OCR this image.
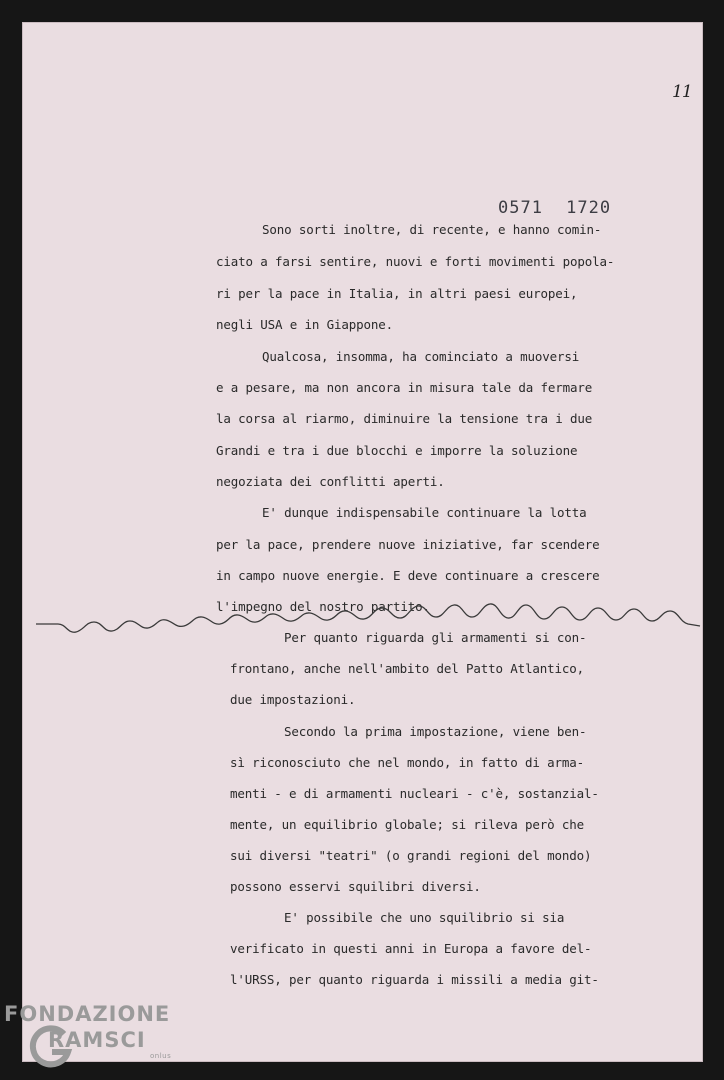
11
0571 1720
Sono sorti inoltre, di recente, e hanno comin-
ciato a farsi sentire, nuovi e forti movimenti popola-
ri per la pace in Italia, in altri paesi europei,
negli USA e in Giappone.
Qualcosa, insomma, ha cominciato a muoversi
e a pesare, ma non ancora in misura tale da fermare
la corsa al riarmo, diminuire la tensione tra i due
Grandi e tra i due blocchi e imporre la soluzione
negoziata dei conflitti aperti.
E' dunque indispensabile continuare la lotta
per la pace, prendere nuove iniziative, far scendere
in campo nuove energie. E deve continuare a crescere
l'impegno del nostro partito.
Per quanto riguarda gli armamenti si con-
frontano, anche nell'ambito del Patto Atlantico,
due impostazioni.
Secondo la prima impostazione, viene ben-
sì riconosciuto che nel mondo, in fatto di arma-
menti - e di armamenti nucleari - c'è, sostanzial-
mente, un equilibrio globale; si rileva però che
sui diversi "teatri" (o grandi regioni del mondo)
possono esservi squilibri diversi.
E' possibile che uno squilibrio si sia
verificato in questi anni in Europa a favore del-
l'URSS, per quanto riguarda i missili a media git-
FONDAZIONE
RAMSCI
onlus
